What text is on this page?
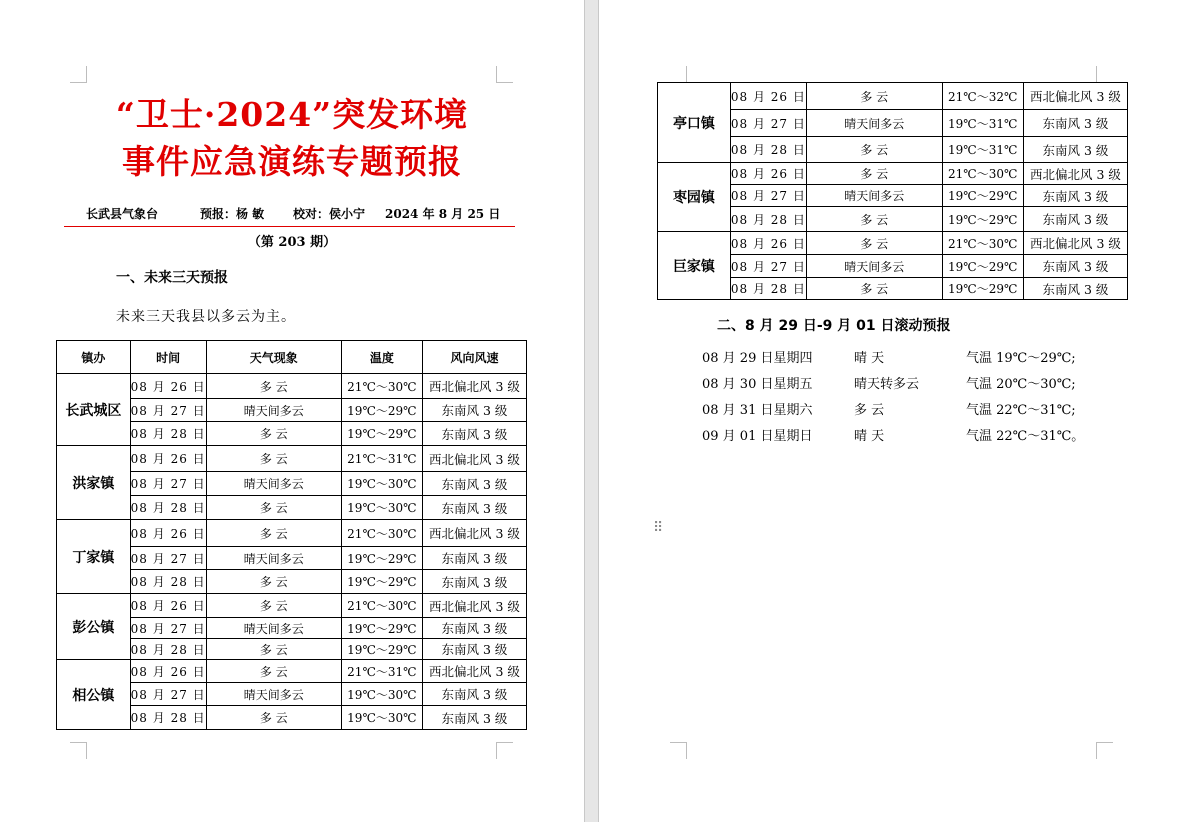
“卫士·2024”突发环境
事件应急演练专题预报
长武县气象台	预报：杨 敏 校对：侯小宁 2024 年 8 月 25 日
（第 203 期）
一、未来三天预报
未来三天我县以多云为主。
镇办	时间	天气现象	温度	风向风速
长武城区	08 月 26 日	多 云	21℃～30℃	西北偏北风 3 级
	08 月 27 日	晴天间多云	19℃～29℃	东南风 3 级
	08 月 28 日	多 云	19℃～29℃	东南风 3 级
洪家镇	08 月 26 日	多 云	21℃～31℃	西北偏北风 3 级
	08 月 27 日	晴天间多云	19℃～30℃	东南风 3 级
	08 月 28 日	多 云	19℃～30℃	东南风 3 级
丁家镇	08 月 26 日	多 云	21℃～30℃	西北偏北风 3 级
	08 月 27 日	晴天间多云	19℃～29℃	东南风 3 级
	08 月 28 日	多 云	19℃～29℃	东南风 3 级
彭公镇	08 月 26 日	多 云	21℃～30℃	西北偏北风 3 级
	08 月 27 日	晴天间多云	19℃～29℃	东南风 3 级
	08 月 28 日	多 云	19℃～29℃	东南风 3 级
相公镇	08 月 26 日	多 云	21℃～31℃	西北偏北风 3 级
	08 月 27 日	晴天间多云	19℃～30℃	东南风 3 级
	08 月 28 日	多 云	19℃～30℃	东南风 3 级
亭口镇	08 月 26 日	多 云	21℃～32℃	西北偏北风 3 级
	08 月 27 日	晴天间多云	19℃～31℃	东南风 3 级
	08 月 28 日	多 云	19℃～31℃	东南风 3 级
枣园镇	08 月 26 日	多 云	21℃～30℃	西北偏北风 3 级
	08 月 27 日	晴天间多云	19℃～29℃	东南风 3 级
	08 月 28 日	多 云	19℃～29℃	东南风 3 级
巨家镇	08 月 26 日	多 云	21℃～30℃	西北偏北风 3 级
	08 月 27 日	晴天间多云	19℃～29℃	东南风 3 级
	08 月 28 日	多 云	19℃～29℃	东南风 3 级
二、8 月 29 日-9 月 01 日滚动预报
08 月 29 日星期四	晴 天	气温 19℃～29℃;
08 月 30 日星期五	晴天转多云	气温 20℃～30℃;
08 月 31 日星期六	多 云	气温 22℃～31℃;
09 月 01 日星期日	晴 天	气温 22℃～31℃。
⠿
